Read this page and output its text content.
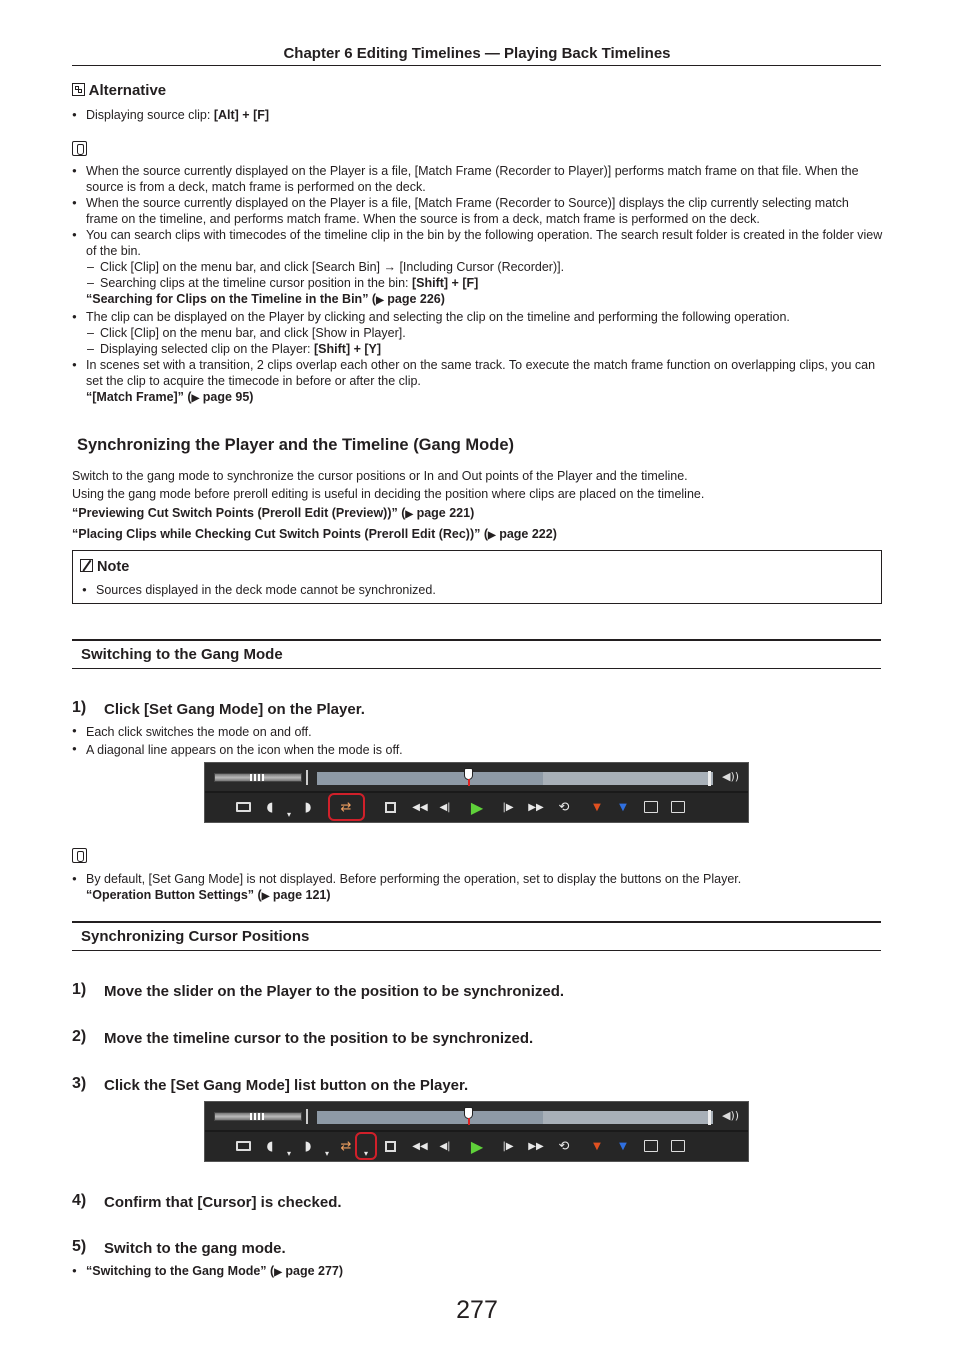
Chapter 6 Editing Timelines — Playing Back Timelines
Alternative
● Displaying source clip: [Alt] + [F]
● When the source currently displayed on the Player is a file, [Match Frame (Recorder to Player)] performs match frame on that file. When the source is from a deck, match frame is performed on the deck.
● When the source currently displayed on the Player is a file, [Match Frame (Recorder to Source)] displays the clip currently selecting match frame on the timeline, and performs match frame. When the source is from a deck, match frame is performed on the deck.
● You can search clips with timecodes of the timeline clip in the bin by the following operation. The search result folder is created in the folder view of the bin.
– Click [Clip] on the menu bar, and click [Search Bin] → [Including Cursor (Recorder)].
– Searching clips at the timeline cursor position in the bin: [Shift] + [F]
“Searching for Clips on the Timeline in the Bin” (▶ page 226)
● The clip can be displayed on the Player by clicking and selecting the clip on the timeline and performing the following operation.
– Click [Clip] on the menu bar, and click [Show in Player].
– Displaying selected clip on the Player: [Shift] + [Y]
● In scenes set with a transition, 2 clips overlap each other on the same track. To execute the match frame function on overlapping clips, you can set the clip to acquire the timecode in before or after the clip.
“[Match Frame]” (▶ page 95)
Synchronizing the Player and the Timeline (Gang Mode)
Switch to the gang mode to synchronize the cursor positions or In and Out points of the Player and the timeline.
Using the gang mode before preroll editing is useful in deciding the position where clips are placed on the timeline.
“Previewing Cut Switch Points (Preroll Edit (Preview))” (▶ page 221)
“Placing Clips while Checking Cut Switch Points (Preroll Edit (Rec))” (▶ page 222)
Note
● Sources displayed in the deck mode cannot be synchronized.
Switching to the Gang Mode
1) Click [Set Gang Mode] on the Player.
● Each click switches the mode on and off.
● A diagonal line appears on the icon when the mode is off.
◀))
◖	▾	◗	⇄	◀◀	◀| ▶	|▶	▶▶	⟲	▼	▼
● By default, [Set Gang Mode] is not displayed. Before performing the operation, set to display the buttons on the Player.
“Operation Button Settings” (▶ page 121)
Synchronizing Cursor Positions
1) Move the slider on the Player to the position to be synchronized.
2) Move the timeline cursor to the position to be synchronized.
3) Click the [Set Gang Mode] list button on the Player.
◀))
◖	▾	◗	▾ ⇄	▾
◀◀	◀| ▶	|▶	▶▶	⟲	▼	▼
4) Confirm that [Cursor] is checked.
5) Switch to the gang mode.
● “Switching to the Gang Mode” (▶ page 277)
277
